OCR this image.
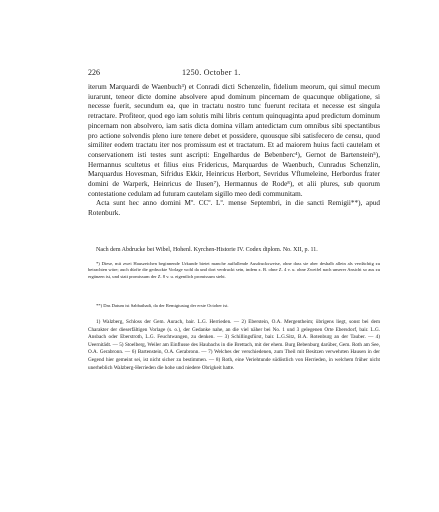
226	1250. October 1.

iterum Marquardi de Waenbuch³) et Conradi dicti Schenzelin, fidelium meorum, qui simul mecum iurarunt, teneor dicte domine absolvere apud dominum pincernam de quacunque obligatione, si necesse fuerit, secundum ea, que in tractatu nostro tunc fuerunt recitata et necesse est singula retractare. Profiteor, quod ego iam solutis mihi libris centum quinquaginta apud predictum dominum pincernam non absolvero, iam satis dicta domina villam antedictam cum omnibus sibi spectantibus pro actione solvendis pleno iure tenere debet et possidere, quousque sibi satisfecero de censu, quod similiter eodem tractatu iter nos promissum est et tractatum. Et ad maiorem huius facti cautelam et conservationem isti testes sunt ascripti: Engelhardus de Bebenberc⁴), Gernot de Bartenstein⁵), Hermannus scultetus et filius eius Fridericus, Marquardus de Waenbuch, Cunradus Schenzlin, Marquardus Hovesman, Sifridus Ekkir, Heinricus Herbort, Sevridus Vflumeleine, Herbordus frater domini de Warperk, Heinricus de Ilusen⁷), Hermannus de Rode⁸), et alii plures, sub quorum contestatione cedulam ad futuram cautelam sigillo meo dedi communitam.

Acta sunt hec anno domini Mº. CCº. Lº. mense Septembri, in die sancti Remigii**), apud Rotenburk.

Nach dem Abdrucke bei Wibel, Hohenl. Kyrchen-Historie IV. Codex diplom. No. XII, p. 11.

*) Diese, mit zwei Hauszeichen beginnende Urkunde bietet manche auffallende Ausdrucksweise, ohne dass sie aber deshalb allein als verdächtig zu betrachten wäre; auch dürfte die gedruckte Vorlage wohl da und dort verdruckt sein, indem z. B. ohne Z. 4 v. u. ohne Zweifel nach unserer Ansicht so aus zu ergänzen ist, und statt promissum der Z. 8 v. u. eigentlich promissum steht.

**) Das Datum ist Sabbathadi, da der Remigiustag der erste October ist.

1) Walzberg, Schloss der Gem. Aurach, bair. L.G. Herrieden. — 2) Eberstein, O.A. Mergentheim; übrigens liegt, sonst bei dem Charakter der dieserfältigen Vorlage (s. o.), der Gedanke nahe, an die viel näher bei No. 1 und 3 gelegenen Orte Ebersdorf, bair. L.G. Ansbach oder Eberstroth, L.G. Feuchtwangen, zu denken. — 3) Schillingsfürst, bair. L.G.Sitz, B.A. Rotenburg an der Tauber. — 4) Ueernitädt. — 5) Stoelberg, Weiler am Einflusse des Haubachs in die Brettach, mit der ehem. Burg Bebenburg darüber, Gem. Roth am See, O.A. Gerabronn. — 6) Bartenstein, O.A. Gerabronn. — 7) Welches der verschiedenen, zum Theil mit Besitzen verwehrten Hausen in der Gegend hier gemeint sei, ist nicht sicher zu bestimmen. — 8) Roth, eine Veriehtunde südöstlich von Herrieden, in welchem früher nicht unerheblich Walzberg-Herrieden die hohe und niedere Obrigkeit hatte.
